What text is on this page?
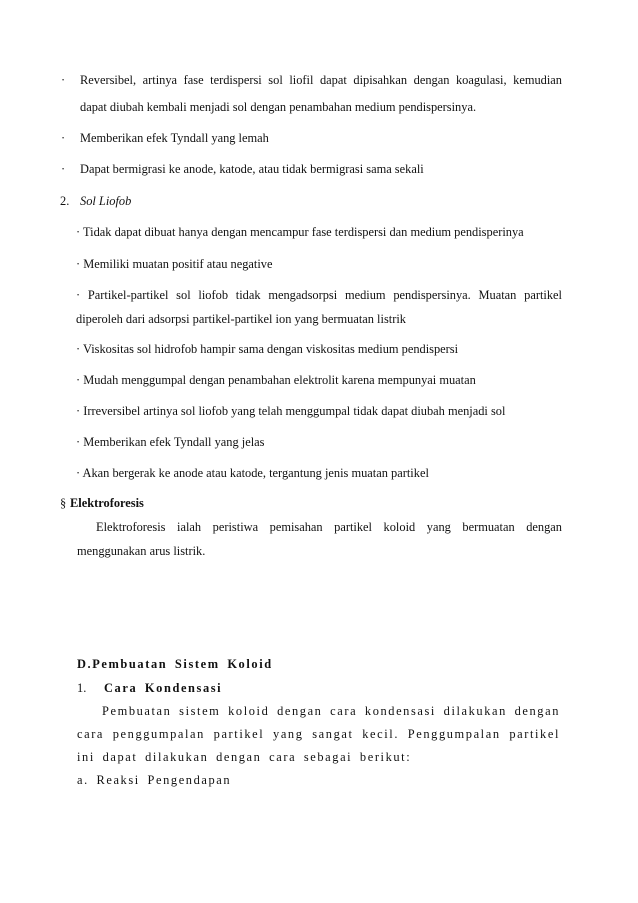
· Reversibel, artinya fase terdispersi sol liofil dapat dipisahkan dengan koagulasi, kemudian
dapat diubah kembali menjadi sol dengan penambahan medium pendispersinya.
· Memberikan efek Tyndall yang lemah
· Dapat bermigrasi ke anode, katode, atau tidak bermigrasi sama sekali
2. Sol Liofob
· Tidak dapat dibuat hanya dengan mencampur fase terdispersi dan medium pendisperinya
· Memiliki muatan positif atau negative
· Partikel-partikel sol liofob tidak mengadsorpsi medium pendispersinya. Muatan partikel
diperoleh dari adsorpsi partikel-partikel ion yang bermuatan listrik
· Viskositas sol hidrofob hampir sama dengan viskositas medium pendispersi
· Mudah menggumpal dengan penambahan elektrolit karena mempunyai muatan
· Irreversibel artinya sol liofob yang telah menggumpal tidak dapat diubah menjadi sol
· Memberikan efek Tyndall yang jelas
· Akan bergerak ke anode atau katode, tergantung jenis muatan partikel
§ Elektroforesis
Elektroforesis ialah peristiwa pemisahan partikel koloid yang bermuatan dengan
menggunakan arus listrik.
D.Pembuatan Sistem Koloid
1. Cara Kondensasi
Pembuatan sistem koloid dengan cara kondensasi dilakukan dengan
cara penggumpalan partikel yang sangat kecil. Penggumpalan partikel
ini dapat dilakukan dengan cara sebagai berikut:
a. Reaksi Pengendapan
